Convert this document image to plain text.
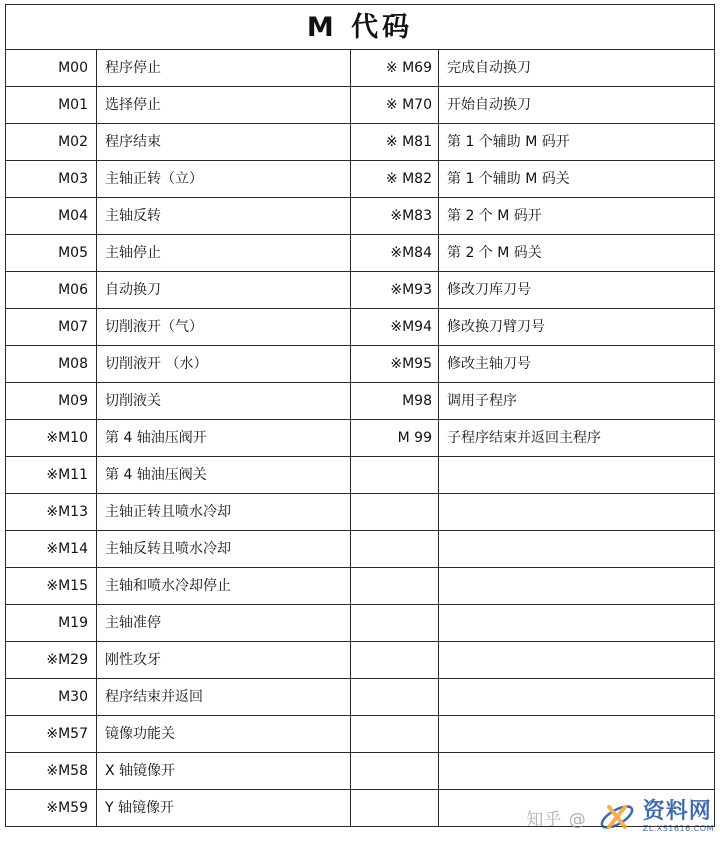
M 代码			
M00	程序停止	※ M69	完成自动换刀
M01	选择停止	※ M70	开始自动换刀
M02	程序结束	※ M81	第 1 个辅助 M 码开
M03	主轴正转（立）	※ M82	第 1 个辅助 M 码关
M04	主轴反转	※M83	第 2 个 M 码开
M05	主轴停止	※M84	第 2 个 M 码关
M06	自动换刀	※M93	修改刀库刀号
M07	切削液开（气）	※M94	修改换刀臂刀号
M08	切削液开 （水）	※M95	修改主轴刀号
M09	切削液关	M98	调用子程序
※M10	第 4 轴油压阀开	M 99	子程序结束并返回主程序
※M11	第 4 轴油压阀关		
※M13	主轴正转且喷水冷却		
※M14	主轴反转且喷水冷却		
※M15	主轴和喷水冷却停止		
M19	主轴准停		
※M29	刚性攻牙		
M30	程序结束并返回		
※M57	镜像功能关		
※M58	X 轴镜像开		
※M59	Y 轴镜像开		
知乎 @	资料网
ZL.XS1616.COM
